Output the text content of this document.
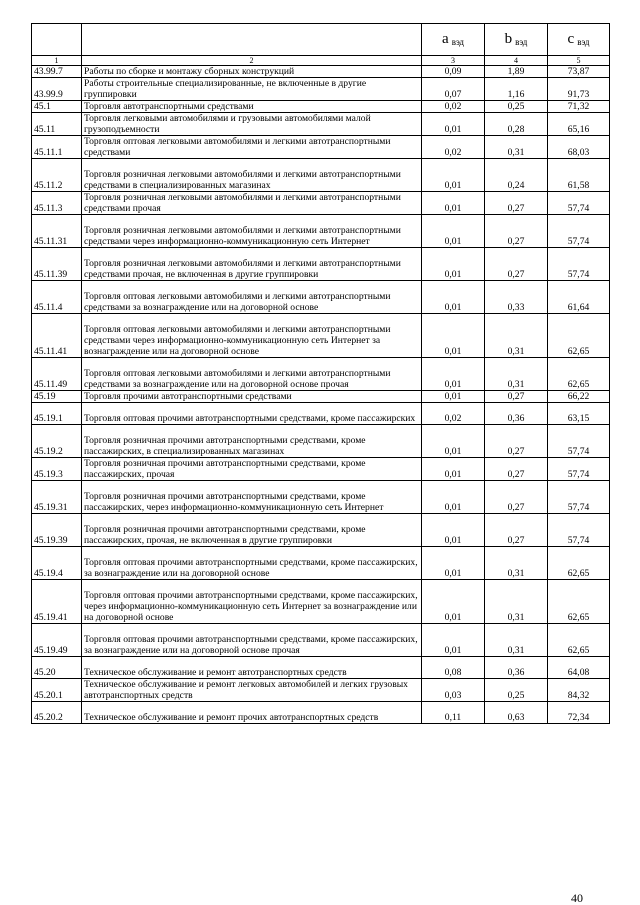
		a $_{вэд}$	b $_{вэд}$	c $_{вэд}$
1	2	3	4	5
43.99.7	Работы по сборке и монтажу сборных конструкций	0,09	1,89	73,87
43.99.9	Работы строительные специализированные, не включенные в другие группировки	0,07	1,16	91,73
45.1	Торговля автотранспортными средствами	0,02	0,25	71,32
45.11	Торговля легковыми автомобилями и грузовыми автомобилями малой грузоподъемности	0,01	0,28	65,16
45.11.1	Торговля оптовая легковыми автомобилями и легкими автотранспортными средствами	0,02	0,31	68,03
45.11.2	Торговля розничная легковыми автомобилями и легкими автотранспортными средствами в специализированных магазинах	0,01	0,24	61,58
45.11.3	Торговля розничная легковыми автомобилями и легкими автотранспортными средствами прочая	0,01	0,27	57,74
45.11.31	Торговля розничная легковыми автомобилями и легкими автотранспортными средствами через информационно-коммуникационную сеть Интернет	0,01	0,27	57,74
45.11.39	Торговля розничная легковыми автомобилями и легкими автотранспортными средствами прочая, не включенная в другие группировки	0,01	0,27	57,74
45.11.4	Торговля оптовая легковыми автомобилями и легкими автотранспортными средствами за вознаграждение или на договорной основе	0,01	0,33	61,64
45.11.41	Торговля оптовая легковыми автомобилями и легкими автотранспортными средствами через информационно-коммуникационную сеть Интернет за вознаграждение или на договорной основе	0,01	0,31	62,65
45.11.49	Торговля оптовая легковыми автомобилями и легкими автотранспортными средствами за вознаграждение или на договорной основе прочая	0,01	0,31	62,65
45.19	Торговля прочими автотранспортными средствами	0,01	0,27	66,22
45.19.1	Торговля оптовая прочими автотранспортными средствами, кроме пассажирских	0,02	0,36	63,15
45.19.2	Торговля розничная прочими автотранспортными средствами, кроме пассажирских, в специализированных магазинах	0,01	0,27	57,74
45.19.3	Торговля розничная прочими автотранспортными средствами, кроме пассажирских, прочая	0,01	0,27	57,74
45.19.31	Торговля розничная прочими автотранспортными средствами, кроме пассажирских, через информационно-коммуникационную сеть Интернет	0,01	0,27	57,74
45.19.39	Торговля розничная прочими автотранспортными средствами, кроме пассажирских, прочая, не включенная в другие группировки	0,01	0,27	57,74
45.19.4	Торговля оптовая прочими автотранспортными средствами, кроме пассажирских, за вознаграждение или на договорной основе	0,01	0,31	62,65
45.19.41	Торговля оптовая прочими автотранспортными средствами, кроме пассажирских, через информационно-коммуникационную сеть Интернет за вознаграждение или на договорной основе	0,01	0,31	62,65
45.19.49	Торговля оптовая прочими автотранспортными средствами, кроме пассажирских, за вознаграждение или на договорной основе прочая	0,01	0,31	62,65
45.20	Техническое обслуживание и ремонт автотранспортных средств	0,08	0,36	64,08
45.20.1	Техническое обслуживание и ремонт легковых автомобилей и легких грузовых автотранспортных средств	0,03	0,25	84,32
45.20.2	Техническое обслуживание и ремонт прочих автотранспортных средств	0,11	0,63	72,34
40
